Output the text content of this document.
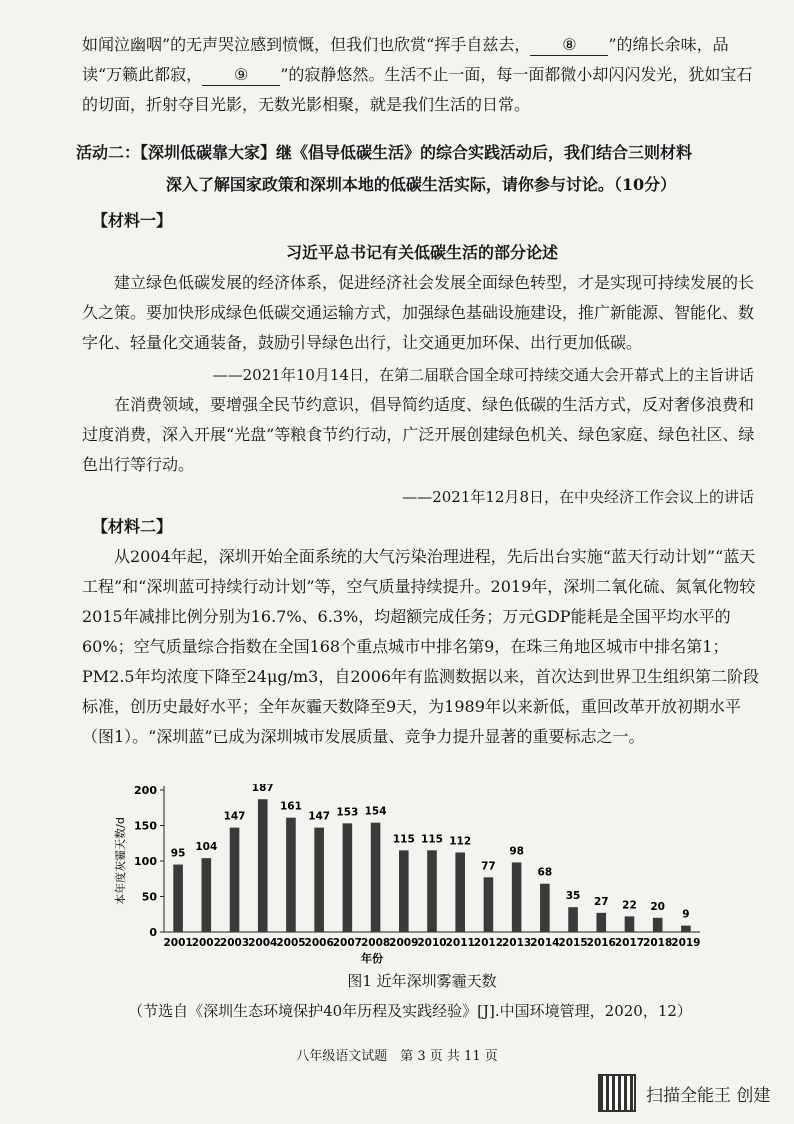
如闻泣幽咽”的无声哭泣感到愤慨，但我们也欣赏“挥手自兹去， ⑧ ”的绵长余味，品读“万籁此都寂， ⑨ ”的寂静悠然。生活不止一面，每一面都微小却闪闪发光，犹如宝石的切面，折射夺目光影，无数光影相聚，就是我们生活的日常。

活动二：【深圳低碳靠大家】继《倡导低碳生活》的综合实践活动后，我们结合三则材料
深入了解国家政策和深圳本地的低碳生活实际，请你参与讨论。（10分）
【材料一】
习近平总书记有关低碳生活的部分论述

建立绿色低碳发展的经济体系，促进经济社会发展全面绿色转型，才是实现可持续发展的长久之策。要加快形成绿色低碳交通运输方式，加强绿色基础设施建设，推广新能源、智能化、数字化、轻量化交通装备，鼓励引导绿色出行，让交通更加环保、出行更加低碳。

——2021年10月14日，在第二届联合国全球可持续交通大会开幕式上的主旨讲话

在消费领域，要增强全民节约意识，倡导简约适度、绿色低碳的生活方式，反对奢侈浪费和过度消费，深入开展“光盘”等粮食节约行动，广泛开展创建绿色机关、绿色家庭、绿色社区、绿色出行等行动。

——2021年12月8日，在中央经济工作会议上的讲话
【材料二】

从2004年起，深圳开始全面系统的大气污染治理进程，先后出台实施“蓝天行动计划”“蓝天工程”和“深圳蓝可持续行动计划”等，空气质量持续提升。2019年，深圳二氧化硫、氮氧化物较2015年减排比例分别为16.7%、6.3%，均超额完成任务；万元GDP能耗是全国平均水平的60%；空气质量综合指数在全国168个重点城市中排名第9，在珠三角地区城市中排名第1；PM2.5年均浓度下降至24μg/m3，自2006年有监测数据以来，首次达到世界卫生组织第二阶段标准，创历史最好水平；全年灰霾天数降至9天，为1989年以来新低，重回改革开放初期水平（图1）。“深圳蓝”已成为深圳城市发展质量、竞争力提升显著的重要标志之一。

本年度灰霾天数/d
0
50
100
150
200
95
2001
104
2002
147
2003
187
2004
161
2005
147
2006
153
2007
154
2008
115
2009
115
2010
112
2011
77
2012
98
2013
68
2014
35
2015
27
2016
22
2017
20
2018
9
2019
年份
图1 近年深圳雾霾天数
（节选自《深圳生态环境保护40年历程及实践经验》[J].中国环境管理，2020，12）
八年级语文试题　第 3 页 共 11 页
扫描全能王 创建
